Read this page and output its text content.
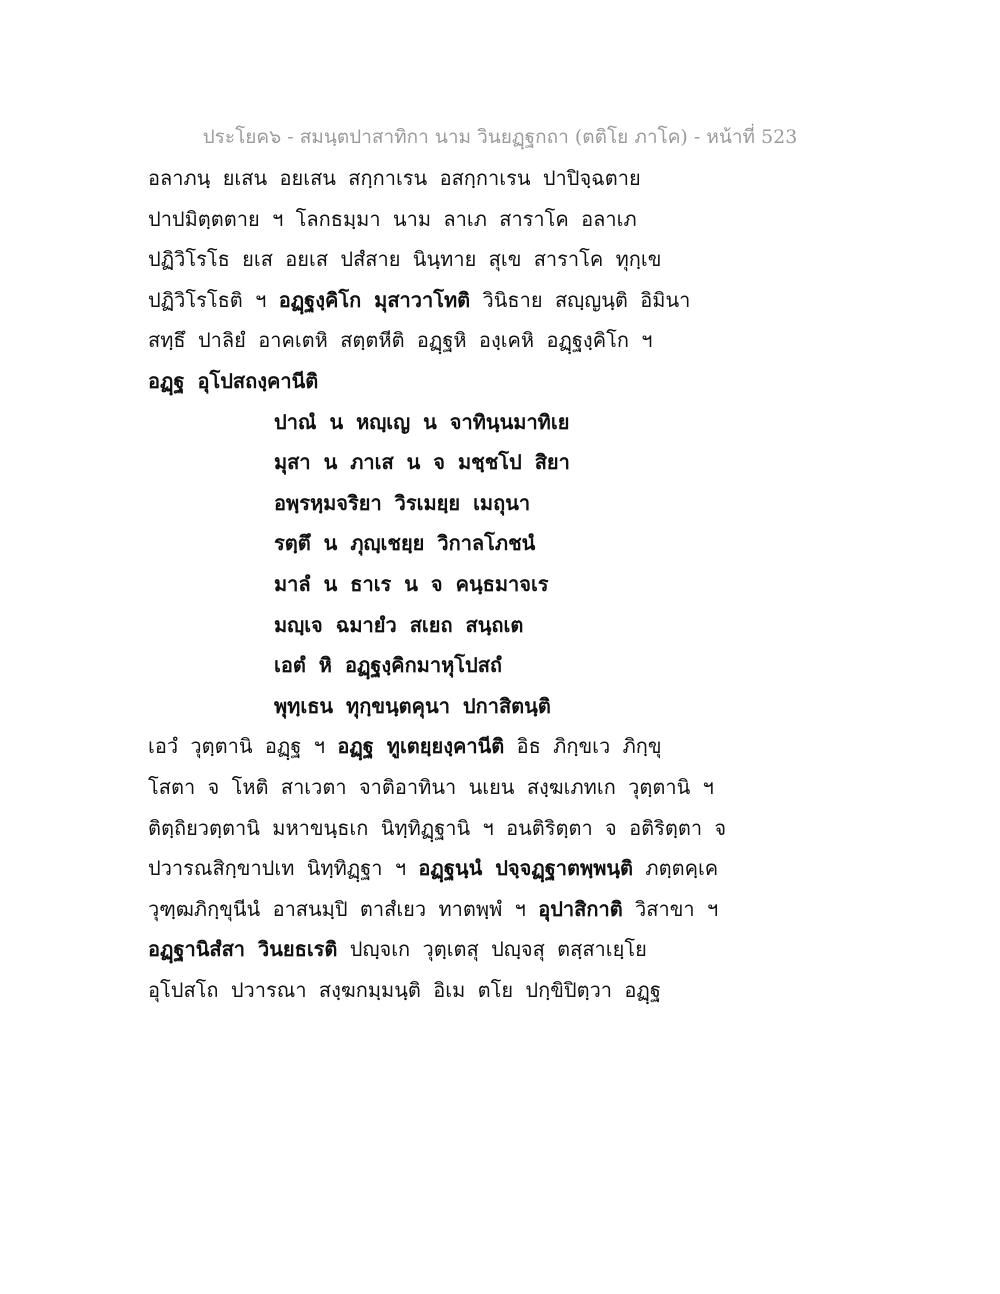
ประโยค๖ - สมนฺตปาสาทิกา นาม วินยฏฺฐกถา (ตติโย ภาโค) - หน้าที่ 523
อลาภนฺ ยเสน อยเสน สกฺกาเรน อสกฺกาเรน ปาปิจฺฉตาย
ปาปมิตฺตตาย ฯ โลกธมฺมา นาม ลาเภ สาราโค อลาเภ
ปฏิวิโรโธ ยเส อยเส ปสํสาย นินฺทาย สุเข สาราโค ทุกฺเข
ปฏิวิโรโธติ ฯ อฏฺฐงฺคิโก มุสาวาโทติ วินิธาย สญฺญนฺติ อิมินา
สทฺธึ ปาลิยํ อาคเตหิ สตฺตหีติ อฏฺฐหิ องฺเคหิ อฏฺฐงฺคิโก ฯ
อฏฺฐ อุโปสถงฺคานีติ
ปาณํ น หญฺเญ น จาทินฺนมาทิเย
มุสา น ภาเส น จ มชฺชโป สิยา
อพฺรหฺมจริยา วิรเมยฺย เมถุนา
รตฺตึ น ภุญฺเชยฺย วิกาลโภชนํ
มาลํ น ธาเร น จ คนฺธมาจเร
มญฺเจ ฉมายํว สเยถ สนฺถเต
เอตํ หิ อฏฺฐงฺคิกมาหุโปสถํ
พุทฺเธน ทุกฺขนฺตคุนา ปกาสิตนฺติ
เอวํ วุตฺตานิ อฏฺฐ ฯ อฏฺฐ ทูเตยฺยงฺคานีติ อิธ ภิกฺขเว ภิกฺขุ
โสตา จ โหติ สาเวตา จาติอาทินา นเยน สงฺฆเภทเก วุตฺตานิ ฯ
ติตฺถิยวตฺตานิ มหาขนฺธเก นิทฺทิฏฺฐานิ ฯ อนติริตฺตา จ อติริตฺตา จ
ปวารณสิกฺขาปเท นิทฺทิฏฺฐา ฯ อฏฺฐนฺนํ ปจฺจฏฺฐาตพฺพนฺติ ภตฺตคฺเค
วุฑฺฒภิกฺขุนีนํ อาสนมฺปิ ตาสํเยว ทาตพฺพํ ฯ อุปาสิกาติ วิสาขา ฯ
อฏฺฐานิสํสา วินยธเรติ ปญฺจเก วุตฺเตสุ ปญฺจสุ ตสฺสาเยฺโย
อุโปสโถ ปวารณา สงฺฆกมฺมนฺติ อิเม ตโย ปกฺขิปิตฺวา อฏฺฐ
